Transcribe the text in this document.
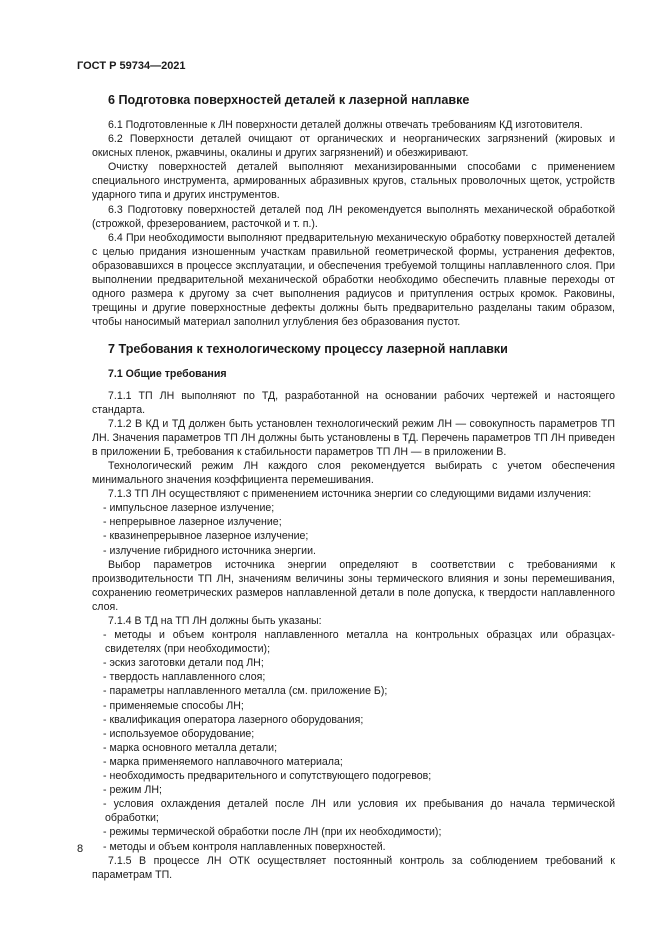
ГОСТ Р 59734—2021
6 Подготовка поверхностей деталей к лазерной наплавке

6.1 Подготовленные к ЛН поверхности деталей должны отвечать требованиям КД изготовителя.

6.2 Поверхности деталей очищают от органических и неорганических загрязнений (жировых и окисных пленок, ржавчины, окалины и других загрязнений) и обезжиривают.

Очистку поверхностей деталей выполняют механизированными способами с применением специального инструмента, армированных абразивных кругов, стальных проволочных щеток, устройств ударного типа и других инструментов.

6.3 Подготовку поверхностей деталей под ЛН рекомендуется выполнять механической обработкой (строжкой, фрезерованием, расточкой и т. п.).

6.4 При необходимости выполняют предварительную механическую обработку поверхностей деталей с целью придания изношенным участкам правильной геометрической формы, устранения дефектов, образовавшихся в процессе эксплуатации, и обеспечения требуемой толщины наплавленного слоя. При выполнении предварительной механической обработки необходимо обеспечить плавные переходы от одного размера к другому за счет выполнения радиусов и притупления острых кромок. Раковины, трещины и другие поверхностные дефекты должны быть предварительно разделаны таким образом, чтобы наносимый материал заполнил углубления без образования пустот.

7 Требования к технологическому процессу лазерной наплавки
7.1 Общие требования

7.1.1 ТП ЛН выполняют по ТД, разработанной на основании рабочих чертежей и настоящего стандарта.

7.1.2 В КД и ТД должен быть установлен технологический режим ЛН — совокупность параметров ТП ЛН. Значения параметров ТП ЛН должны быть установлены в ТД. Перечень параметров ТП ЛН приведен в приложении Б, требования к стабильности параметров ТП ЛН — в приложении В.

Технологический режим ЛН каждого слоя рекомендуется выбирать с учетом обеспечения минимального значения коэффициента перемешивания.

7.1.3 ТП ЛН осуществляют с применением источника энергии со следующими видами излучения:

- импульсное лазерное излучение;
- непрерывное лазерное излучение;
- квазинепрерывное лазерное излучение;
- излучение гибридного источника энергии.

Выбор параметров источника энергии определяют в соответствии с требованиями к производительности ТП ЛН, значениям величины зоны термического влияния и зоны перемешивания, сохранению геометрических размеров наплавленной детали в поле допуска, к твердости наплавленного слоя.

7.1.4 В ТД на ТП ЛН должны быть указаны:

- методы и объем контроля наплавленного металла на контрольных образцах или образцах-свидетелях (при необходимости);
- эскиз заготовки детали под ЛН;
- твердость наплавленного слоя;
- параметры наплавленного металла (см. приложение Б);
- применяемые способы ЛН;
- квалификация оператора лазерного оборудования;
- используемое оборудование;
- марка основного металла детали;
- марка применяемого наплавочного материала;
- необходимость предварительного и сопутствующего подогревов;
- режим ЛН;
- условия охлаждения деталей после ЛН или условия их пребывания до начала термической обработки;
- режимы термической обработки после ЛН (при их необходимости);
- методы и объем контроля наплавленных поверхностей.

7.1.5 В процессе ЛН ОТК осуществляет постоянный контроль за соблюдением требований к параметрам ТП.

8
